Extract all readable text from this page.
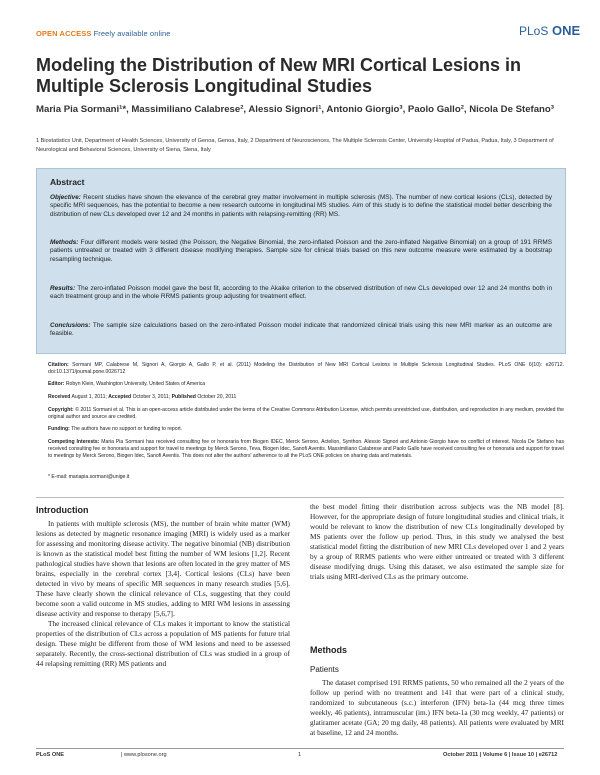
OPEN ACCESS Freely available online	PLoS ONE
Modeling the Distribution of New MRI Cortical Lesions in Multiple Sclerosis Longitudinal Studies
Maria Pia Sormani¹*, Massimiliano Calabrese², Alessio Signori¹, Antonio Giorgio³, Paolo Gallo², Nicola De Stefano³
1 Biostatistics Unit, Department of Health Sciences, University of Genoa, Genoa, Italy, 2 Department of Neurosciences, The Multiple Sclerosis Center, University Hospital of Padua, Padua, Italy, 3 Department of Neurological and Behavioral Sciences, University of Siena, Siena, Italy
Abstract
Objective: Recent studies have shown the elevance of the cerebral grey matter involvement in multiple sclerosis (MS). The number of new cortical lesions (CLs), detected by specific MRI sequences, has the potential to become a new research outcome in longitudinal MS studies. Aim of this study is to define the statistical model better describing the distribution of new CLs developed over 12 and 24 months in patients with relapsing-remitting (RR) MS.
Methods: Four different models were tested (the Poisson, the Negative Binomial, the zero-inflated Poisson and the zero-inflated Negative Binomial) on a group of 191 RRMS patients untreated or treated with 3 different disease modifying therapies. Sample size for clinical trials based on this new outcome measure were estimated by a bootstrap resampling technique.
Results: The zero-inflated Poisson model gave the best fit, according to the Akaike criterion to the observed distribution of new CLs developed over 12 and 24 months both in each treatment group and in the whole RRMS patients group adjusting for treatment effect.
Conclusions: The sample size calculations based on the zero-inflated Poisson model indicate that randomized clinical trials using this new MRI marker as an outcome are feasible.
Citation: Sormani MP, Calabrese M, Signori A, Giorgio A, Gallo P, et al. (2011) Modeling the Distribution of New MRI Cortical Lesions in Multiple Sclerosis Longitudinal Studies. PLoS ONE 6(10): e26712. doi:10.1371/journal.pone.0026712
Editor: Robyn Klein, Washington University, United States of America
Received August 1, 2011; Accepted October 3, 2011; Published October 20, 2011
Copyright: © 2011 Sormani et al. This is an open-access article distributed under the terms of the Creative Commons Attribution License, which permits unrestricted use, distribution, and reproduction in any medium, provided the original author and source are credited.
Funding: The authors have no support or funding to report.
Competing Interests: Maria Pia Sormani has received consulting fee or honoraria from Biogen IDEC, Merck Serono, Actelion, Synthon. Alessio Signori and Antonio Giorgio have no conflict of interest. Nicola De Stefano has received consulting fee or honoraria and support for travel to meetings by Merck Serono, Teva, Biogen Idec, Sanofi Aventis. Massimiliano Calabrese and Paolo Gallo have received consulting fee or honoraria and support for travel to meetings by Merck Serono, Biogen Idec, Sanofi Aventis. This does not alter the authors' adherence to all the PLoS ONE policies on sharing data and materials.
* E-mail: mariapia.sormani@unige.it
Introduction

In patients with multiple sclerosis (MS), the number of brain white matter (WM) lesions as detected by magnetic resonance imaging (MRI) is widely used as a marker for assessing and monitoring disease activity. The negative binomial (NB) distribution is known as the statistical model best fitting the number of WM lesions [1,2]. Recent pathological studies have shown that lesions are often located in the grey matter of MS brains, especially in the cerebral cortex [3,4]. Cortical lesions (CLs) have been detected in vivo by means of specific MR sequences in many research studies [5,6]. These have clearly shown the clinical relevance of CLs, suggesting that they could become soon a valid outcome in MS studies, adding to MRI WM lesions in assessing disease activity and response to therapy [5,6,7].

The increased clinical relevance of CLs makes it important to know the statistical properties of the distribution of CLs across a population of MS patients for future trial design. These might be different from those of WM lesions and need to be assessed separately. Recently, the cross-sectional distribution of CLs was studied in a group of 44 relapsing remitting (RR) MS patients and

the best model fitting their distribution across subjects was the NB model [8]. However, for the appropriate design of future longitudinal studies and clinical trials, it would be relevant to know the distribution of new CLs longitudinally developed by MS patients over the follow up period. Thus, in this study we analysed the best statistical model fitting the distribution of new MRI CLs developed over 1 and 2 years by a group of RRMS patients who were either untreated or treated with 3 different disease modifying drugs. Using this dataset, we also estimated the sample size for trials using MRI-derived CLs as the primary outcome.

Methods
Patients

The dataset comprised 191 RRMS patients, 50 who remained all the 2 years of the follow up period with no treatment and 141 that were part of a clinical study, randomized to subcutaneous (s.c.) interferon (IFN) beta-1a (44 mcg three times weekly, 46 patients), intramuscular (im.) IFN beta-1a (30 mcg weekly, 47 patients) or glatiramer acetate (GA; 20 mg daily, 48 patients). All patients were evaluated by MRI at baseline, 12 and 24 months.

PLoS ONE	| www.plosone.org	1	October 2011 | Volume 6 | Issue 10 | e26712
